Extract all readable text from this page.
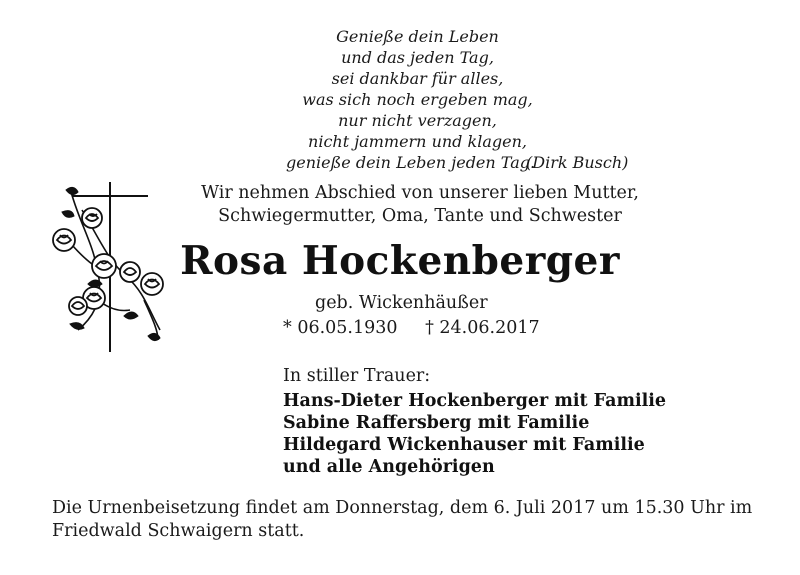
Genieße dein Leben
und das jeden Tag,
sei dankbar für alles,
was sich noch ergeben mag,
nur nicht verzagen,
nicht jammern und klagen,
genieße dein Leben jeden Tag.
(Dirk Busch)
Wir nehmen Abschied von unserer lieben Mutter,
Schwiegermutter, Oma, Tante und Schwester
Rosa Hockenberger
geb. Wickenhäußer
* 06.05.1930 † 24.06.2017
In stiller Trauer:
Hans-Dieter Hockenberger mit Familie
Sabine Raffersberg mit Familie
Hildegard Wickenhauser mit Familie
und alle Angehörigen
Die Urnenbeisetzung findet am Donnerstag, dem 6. Juli 2017 um 15.30 Uhr im Friedwald Schwaigern statt.
